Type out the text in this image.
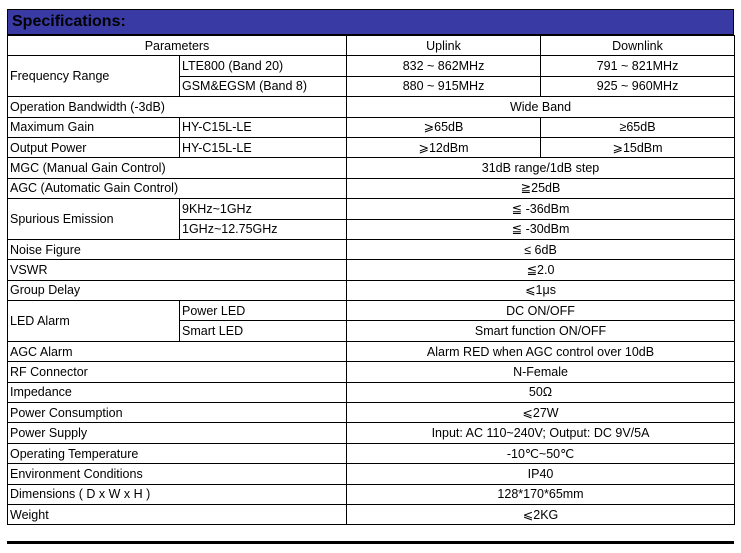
Specifications:
Parameters		Uplink	Downlink
Frequency Range	LTE800 (Band 20)	832 ~ 862MHz	791 ~ 821MHz
	GSM&EGSM (Band 8)	880 ~ 915MHz	925 ~ 960MHz
Operation Bandwidth (-3dB)		Wide Band	
Maximum Gain	HY-C15L-LE	⩾65dB	≥65dB
Output Power	HY-C15L-LE	⩾12dBm	⩾15dBm
MGC (Manual Gain Control)		31dB range/1dB step	
AGC (Automatic Gain Control)		≧25dB	
Spurious Emission	9KHz~1GHz	≦ -36dBm	
	1GHz~12.75GHz	≦ -30dBm	
Noise Figure		≤ 6dB	
VSWR		≦2.0	
Group Delay		⩽1μs	
LED Alarm	Power LED	DC ON/OFF	
	Smart LED	Smart function ON/OFF	
AGC Alarm		Alarm RED when AGC control over 10dB	
RF Connector		N-Female	
Impedance		50Ω	
Power Consumption		⩽27W	
Power Supply		Input: AC 110~240V; Output: DC 9V/5A	
Operating Temperature		-10℃~50℃	
Environment Conditions		IP40	
Dimensions ( D x W x H )		128*170*65mm	
Weight		⩽2KG	
